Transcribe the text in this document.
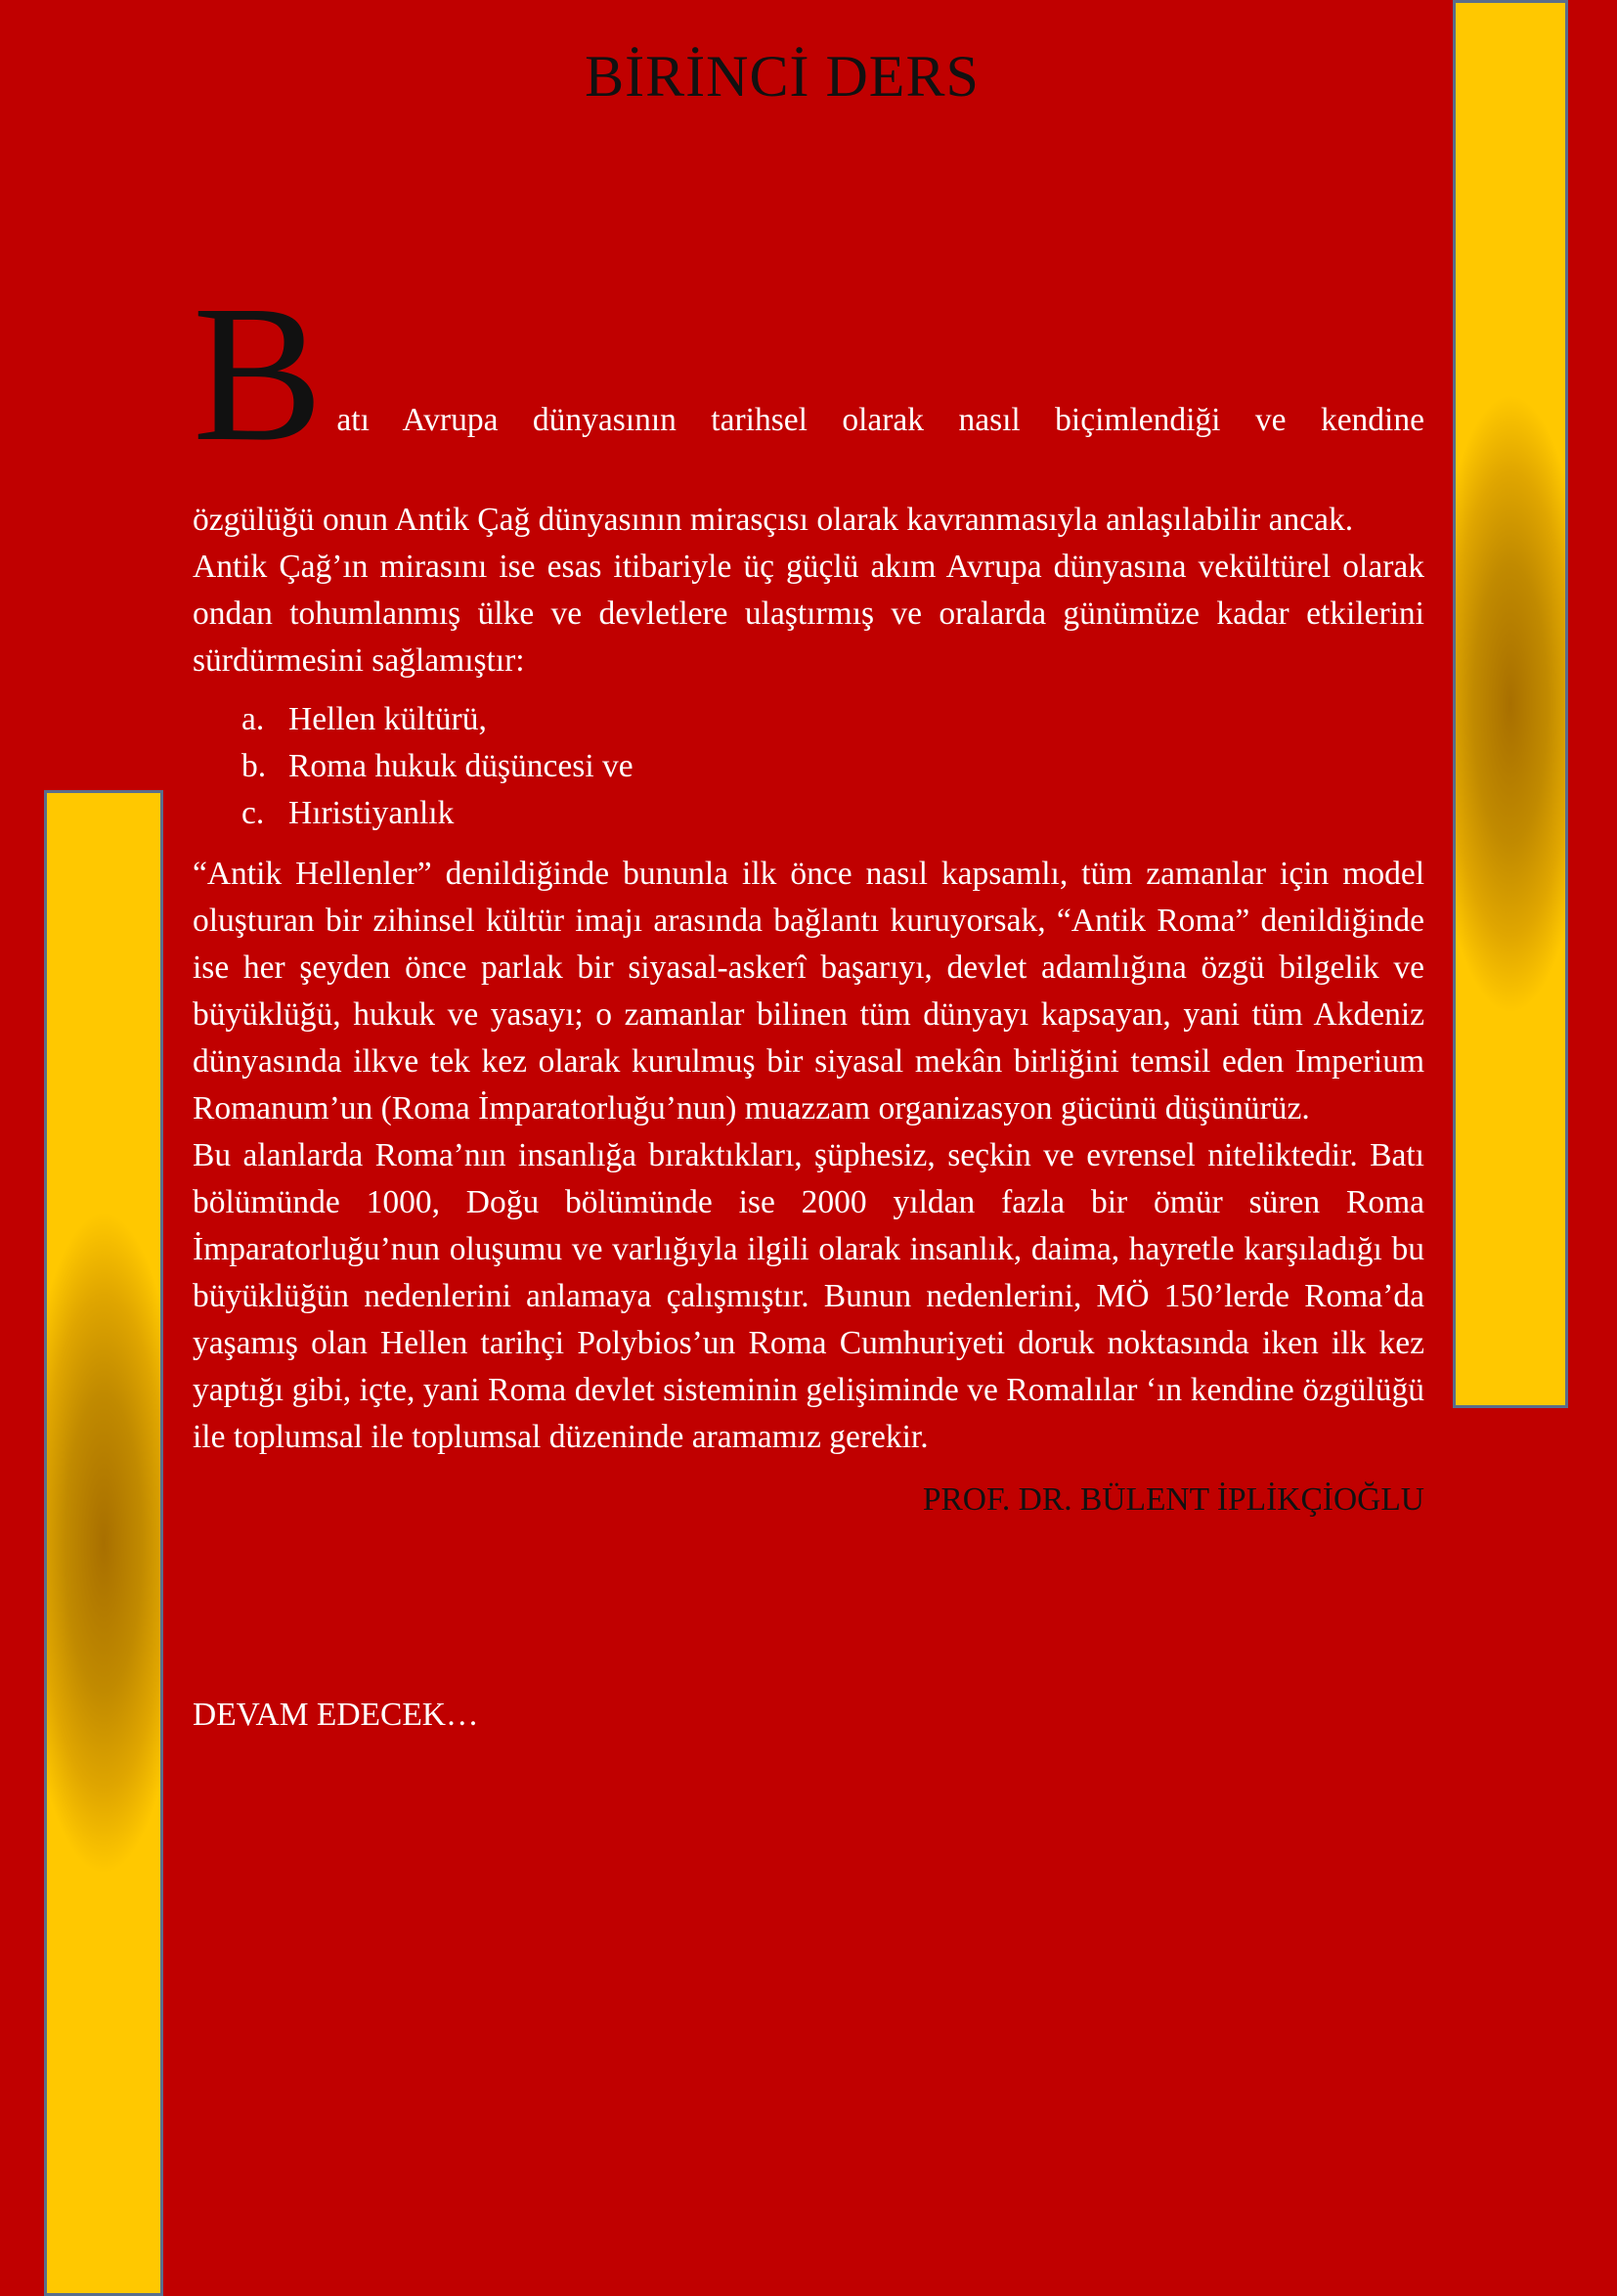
BİRİNCİ DERS
B atı Avrupa dünyasının tarihsel olarak nasıl biçimlendiği ve kendine

özgülüğü onun Antik Çağ dünyasının mirasçısı olarak kavranmasıyla anlaşılabilir ancak.

Antik Çağ’ın mirasını ise esas itibariyle üç güçlü akım Avrupa dünyasına vekültürel olarak ondan tohumlanmış ülke ve devletlere ulaştırmış ve oralarda günümüze kadar etkilerini sürdürmesini sağlamıştır:

a. Hellen kültürü,
b. Roma hukuk düşüncesi ve
c. Hıristiyanlık

“Antik Hellenler” denildiğinde bununla ilk önce nasıl kapsamlı, tüm zamanlar için model oluşturan bir zihinsel kültür imajı arasında bağlantı kuruyorsak, “Antik Roma” denildiğinde ise her şeyden önce parlak bir siyasal-askerî başarıyı, devlet adamlığına özgü bilgelik ve büyüklüğü, hukuk ve yasayı; o zamanlar bilinen tüm dünyayı kapsayan, yani tüm Akdeniz dünyasında ilkve tek kez olarak kurulmuş bir siyasal mekân birliğini temsil eden Imperium Romanum’un (Roma İmparatorluğu’nun) muazzam organizasyon gücünü düşünürüz.

Bu alanlarda Roma’nın insanlığa bıraktıkları, şüphesiz, seçkin ve evrensel niteliktedir. Batı bölümünde 1000, Doğu bölümünde ise 2000 yıldan fazla bir ömür süren Roma İmparatorluğu’nun oluşumu ve varlığıyla ilgili olarak insanlık, daima, hayretle karşıladığı bu büyüklüğün nedenlerini anlamaya çalışmıştır. Bunun nedenlerini, MÖ 150’lerde Roma’da yaşamış olan Hellen tarihçi Polybios’un Roma Cumhuriyeti doruk noktasında iken ilk kez yaptığı gibi, içte, yani Roma devlet sisteminin gelişiminde ve Romalılar ‘ın kendine özgülüğü ile toplumsal ile toplumsal düzeninde aramamız gerekir.

PROF. DR. BÜLENT İPLİKÇİOĞLU

DEVAM EDECEK…
